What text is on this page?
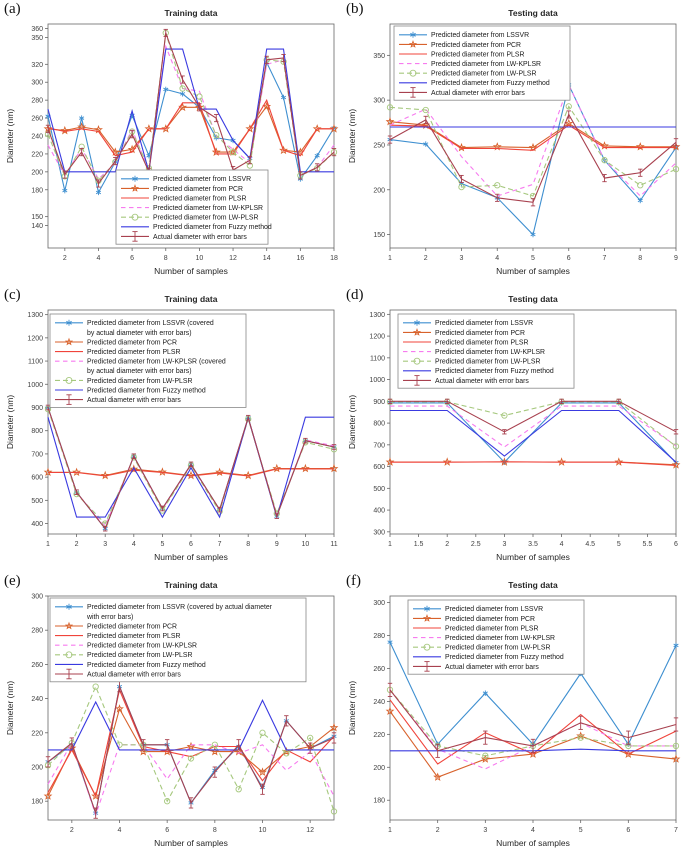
(a)
2	4	6	8	10	12	14	16	18
140
150
180
200
220
240
260
280
300
320
350
360
Training data
Number of samples
Diameter (nm)
Predicted diameter from LSSVR
Predicted diameter from PCR
Predicted diameter from PLSR
Predicted diameter from LW-KPLSR
Predicted diameter from LW-PLSR
Predicted diameter from Fuzzy method
Actual diameter with error bars
(b)
1	2	3	4	5	6	7	8	9
150
200
250
300
350
Testing data
Number of samples
Diameter (nm)
Predicted diameter from LSSVR
Predicted diameter from PCR
Predicted diameter from PLSR
Predicted diameter from LW-KPLSR
Predicted diameter from LW-PLSR
Predicted diameter from Fuzzy method
Actual diameter with error bars
(c)
1	2	3	4	5	6	7	8	9	10	11
400
500
600
700
800
900
1000
1100
1200
1300
Training data
Number of samples
Diameter (nm)
Predicted diameter from LSSVR (covered
by actual diameter with error bars)
Predicted diameter from PCR
Predicted diameter from PLSR
Predicted diameter from LW-KPLSR (covered
by actual diameter with error bars)
Predicted diameter from LW-PLSR
Predicted diameter from Fuzzy method
Actual diameter with error bars
(d)
1	1.5	2	2.5	3	3.5	4	4.5	5	5.5	6
300
400
500
600
700
800
900
1000
1100
1200
1300
Testing data
Number of samples
Diameter (nm)
Predicted diameter from LSSVR
Predicted diameter from PCR
Predicted diameter from PLSR
Predicted diameter from LW-KPLSR
Predicted diameter from LW-PLSR
Predicted diameter from Fuzzy method
Actual diameter with error bars
(e)
2	4	6	8	10	12
180
200
220
240
260
280
300
Training data
Number of samples
Diameter (nm)
Predicted diameter from LSSVR (covered by actual diameter
with error bars)
Predicted diameter from PCR
Predicted diameter from PLSR
Predicted diameter from LW-KPLSR
Predicted diameter from LW-PLSR
Predicted diameter from Fuzzy method
Actual diameter with error bars
(f)
1	2	3	4	5	6	7
180
200
220
240
260
280
300
Testing data
Number of samples
Diameter (nm)
Predicted diameter from LSSVR
Predicted diameter from PCR
Predicted diameter from PLSR
Predicted diameter from LW-KPLSR
Predicted diameter from LW-PLSR
Predicted diameter from Fuzzy method
Actual diameter with error bars
